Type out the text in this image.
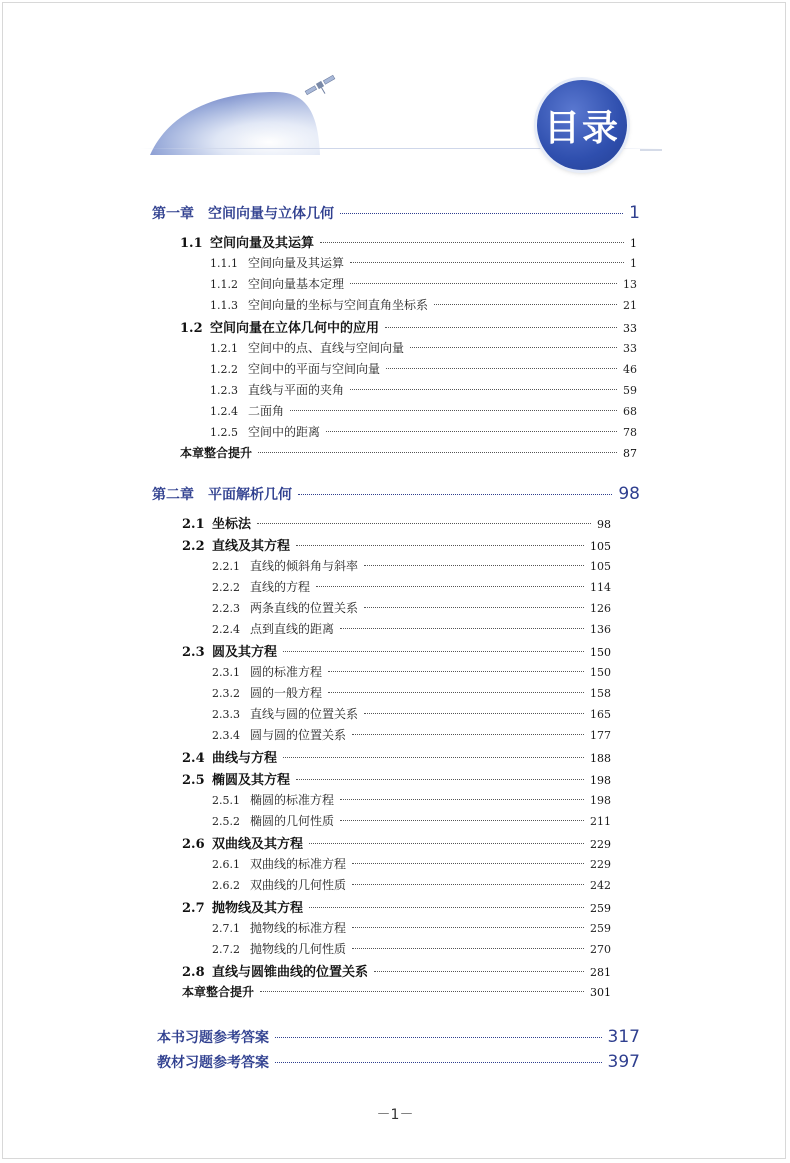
目录
第一章 空间向量与立体几何	1
1.1 空间向量及其运算	1
1.1.1 空间向量及其运算	1
1.1.2 空间向量基本定理	13
1.1.3 空间向量的坐标与空间直角坐标系	21
1.2 空间向量在立体几何中的应用	33
1.2.1 空间中的点、直线与空间向量	33
1.2.2 空间中的平面与空间向量	46
1.2.3 直线与平面的夹角	59
1.2.4 二面角	68
1.2.5 空间中的距离	78
本章整合提升	87
第二章 平面解析几何	98
2.1 坐标法	98
2.2 直线及其方程	105
2.2.1 直线的倾斜角与斜率	105
2.2.2 直线的方程	114
2.2.3 两条直线的位置关系	126
2.2.4 点到直线的距离	136
2.3 圆及其方程	150
2.3.1 圆的标准方程	150
2.3.2 圆的一般方程	158
2.3.3 直线与圆的位置关系	165
2.3.4 圆与圆的位置关系	177
2.4 曲线与方程	188
2.5 椭圆及其方程	198
2.5.1 椭圆的标准方程	198
2.5.2 椭圆的几何性质	211
2.6 双曲线及其方程	229
2.6.1 双曲线的标准方程	229
2.6.2 双曲线的几何性质	242
2.7 抛物线及其方程	259
2.7.1 抛物线的标准方程	259
2.7.2 抛物线的几何性质	270
2.8 直线与圆锥曲线的位置关系	281
本章整合提升	301
本书习题参考答案	317
教材习题参考答案	397
－1－
